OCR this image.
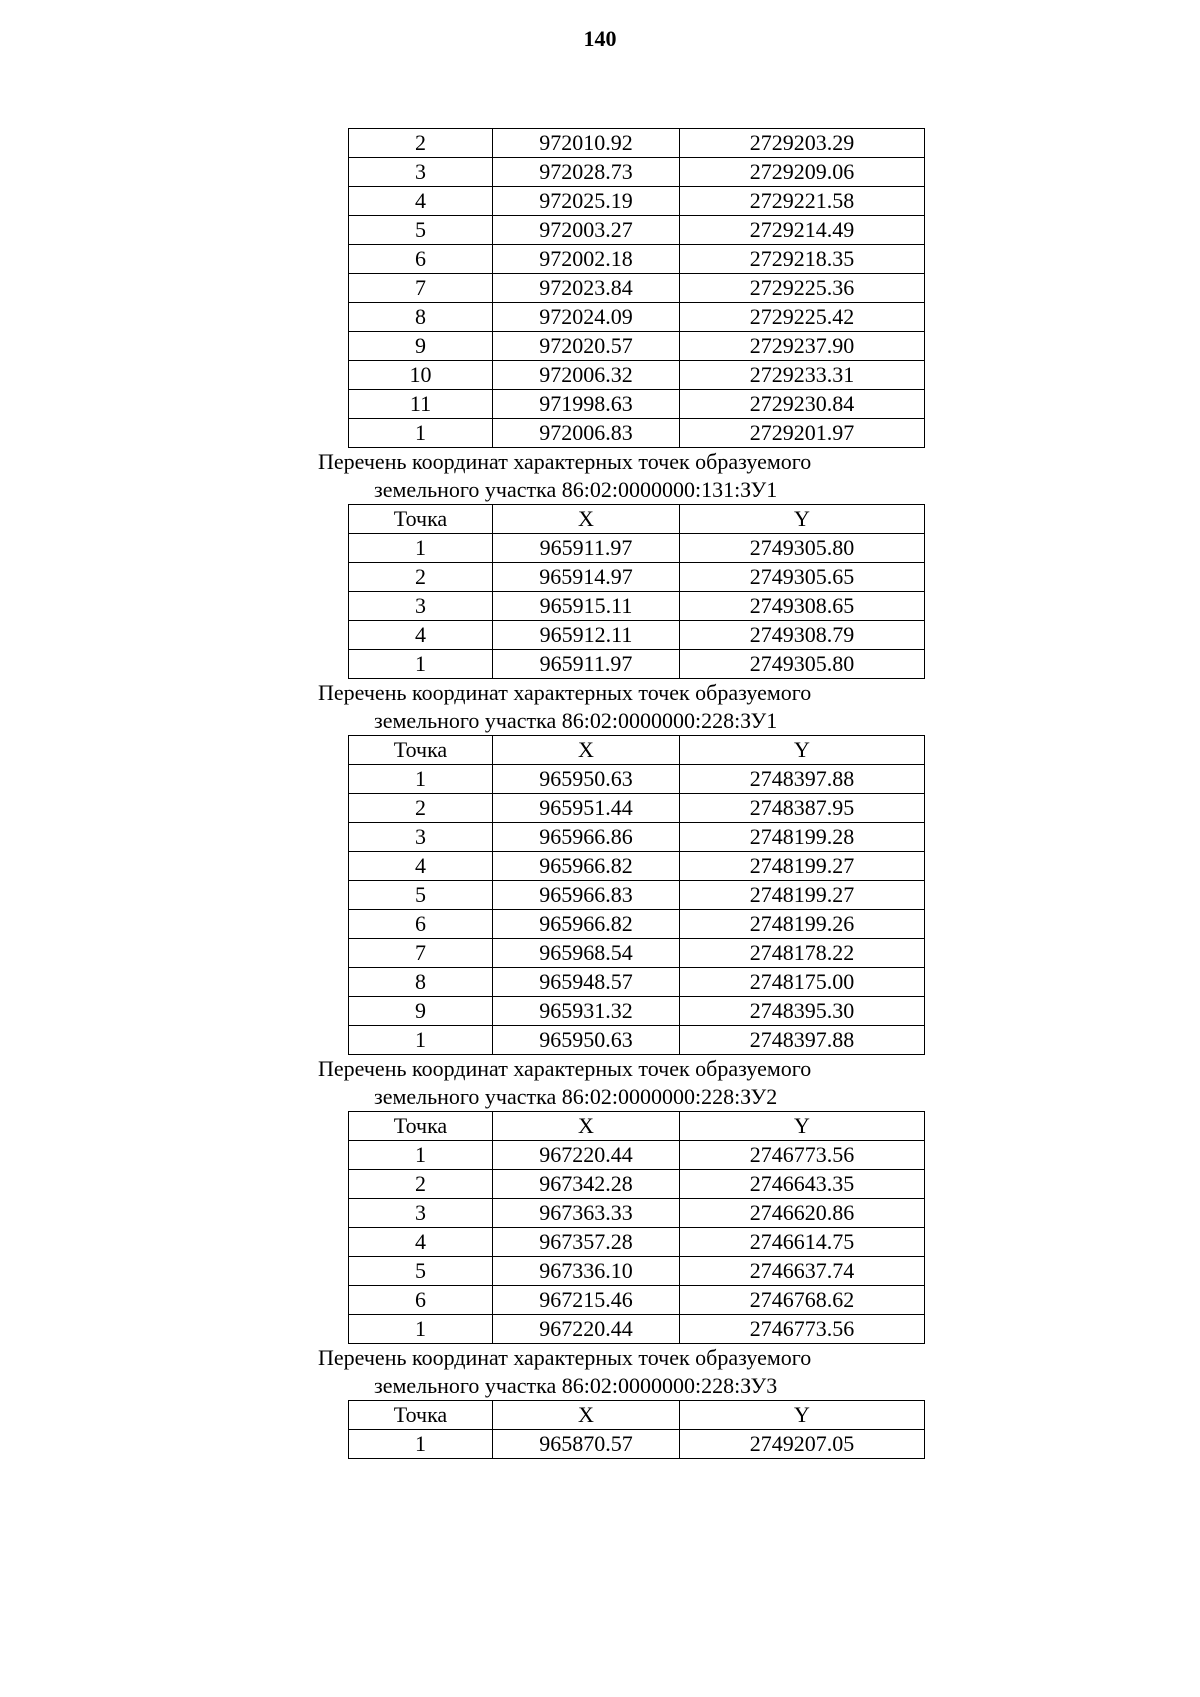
140
2	972010.92	2729203.29
3	972028.73	2729209.06
4	972025.19	2729221.58
5	972003.27	2729214.49
6	972002.18	2729218.35
7	972023.84	2729225.36
8	972024.09	2729225.42
9	972020.57	2729237.90
10	972006.32	2729233.31
11	971998.63	2729230.84
1	972006.83	2729201.97
Перечень координат характерных точек образуемого
земельного участка 86:02:0000000:131:ЗУ1
Точка	X	Y
1	965911.97	2749305.80
2	965914.97	2749305.65
3	965915.11	2749308.65
4	965912.11	2749308.79
1	965911.97	2749305.80
Перечень координат характерных точек образуемого
земельного участка 86:02:0000000:228:ЗУ1
Точка	X	Y
1	965950.63	2748397.88
2	965951.44	2748387.95
3	965966.86	2748199.28
4	965966.82	2748199.27
5	965966.83	2748199.27
6	965966.82	2748199.26
7	965968.54	2748178.22
8	965948.57	2748175.00
9	965931.32	2748395.30
1	965950.63	2748397.88
Перечень координат характерных точек образуемого
земельного участка 86:02:0000000:228:ЗУ2
Точка	X	Y
1	967220.44	2746773.56
2	967342.28	2746643.35
3	967363.33	2746620.86
4	967357.28	2746614.75
5	967336.10	2746637.74
6	967215.46	2746768.62
1	967220.44	2746773.56
Перечень координат характерных точек образуемого
земельного участка 86:02:0000000:228:ЗУ3
Точка	X	Y
1	965870.57	2749207.05
